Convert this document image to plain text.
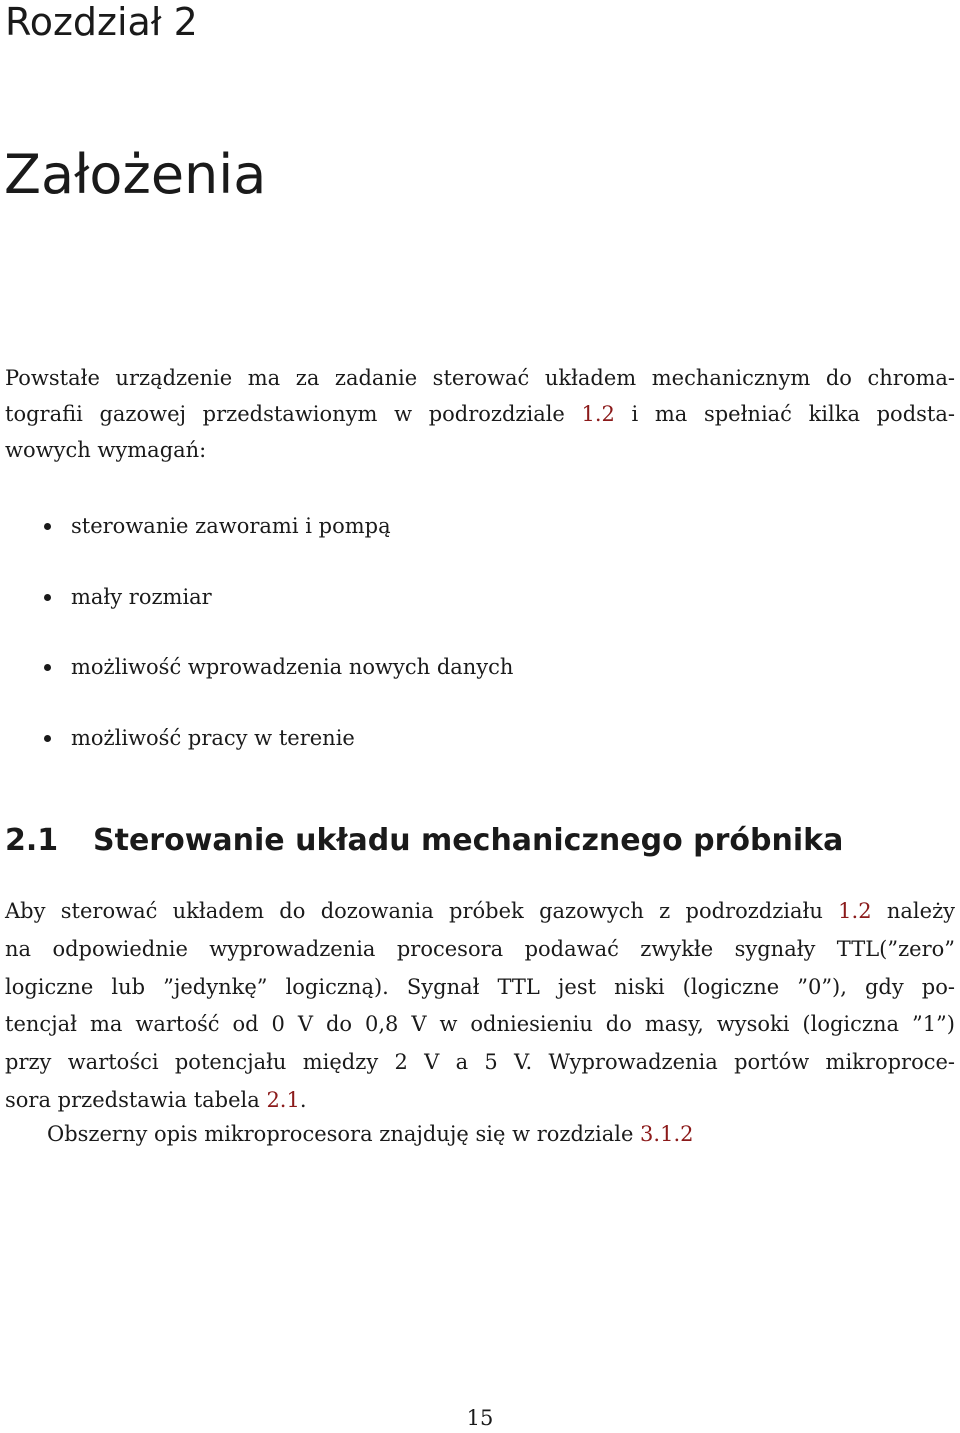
Rozdział 2
Założenia
Powstałe urządzenie ma za zadanie sterować układem mechanicznym do chroma-
tografii gazowej przedstawionym w podrozdziale 1.2 i ma spełniać kilka podsta-
wowych wymagań:
sterowanie zaworami i pompą
mały rozmiar
możliwość wprowadzenia nowych danych
możliwość pracy w terenie
2.1 Sterowanie układu mechanicznego próbnika
Aby sterować układem do dozowania próbek gazowych z podrozdziału 1.2 należy
na odpowiednie wyprowadzenia procesora podawać zwykłe sygnały TTL(”zero”
logiczne lub ”jedynkę” logiczną). Sygnał TTL jest niski (logiczne ”0”), gdy po-
tencjał ma wartość od 0 V do 0,8 V w odniesieniu do masy, wysoki (logiczna ”1”)
przy wartości potencjału między 2 V a 5 V. Wyprowadzenia portów mikroproce-
sora przedstawia tabela 2.1.
Obszerny opis mikroprocesora znajduję się w rozdziale 3.1.2
15
